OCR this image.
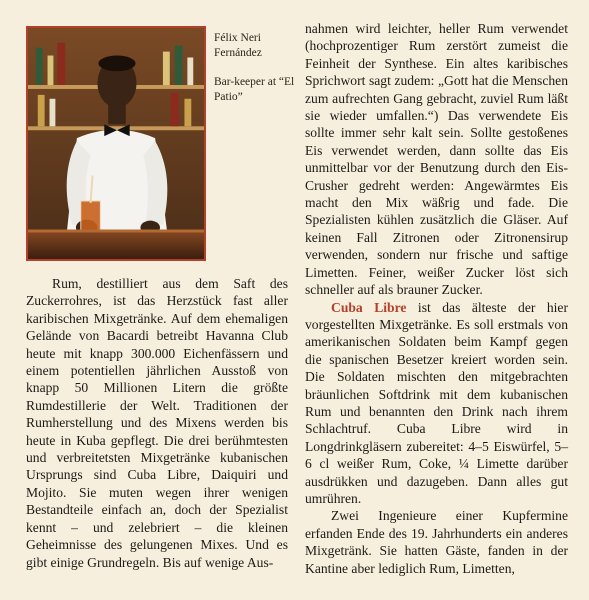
Félix Neri Fernández

Bar-keeper at “El Patio”

Rum, destilliert aus dem Saft des Zuckerrohres, ist das Herzstück fast aller karibischen Mixgetränke. Auf dem ehemaligen Gelände von Bacardi betreibt Havanna Club heute mit knapp 300.000 Eichenfässern und einem potentiellen jährlichen Ausstoß von knapp 50 Millionen Litern die größte Rumdestillerie der Welt. Traditionen der Rumherstellung und des Mixens werden bis heute in Kuba gepflegt. Die drei berühmtesten und verbreitetsten Mixgetränke kubanischen Ursprungs sind Cuba Libre, Daiquiri und Mojito. Sie muten wegen ihrer wenigen Bestandteile einfach an, doch der Spezialist kennt – und zelebriert – die kleinen Geheimnisse des gelungenen Mixes. Und es gibt einige Grundregeln. Bis auf wenige Aus-

nahmen wird leichter, heller Rum verwendet (hochprozentiger Rum zerstört zumeist die Feinheit der Synthese. Ein altes karibisches Sprichwort sagt zudem: „Gott hat die Menschen zum aufrechten Gang gebracht, zuviel Rum läßt sie wieder umfallen.“) Das verwendete Eis sollte immer sehr kalt sein. Sollte gestoßenes Eis verwendet werden, dann sollte das Eis unmittelbar vor der Benutzung durch den Eis-Crusher gedreht werden: Angewärmtes Eis macht den Mix wäßrig und fade. Die Spezialisten kühlen zusätzlich die Gläser. Auf keinen Fall Zitronen oder Zitronensirup verwenden, sondern nur frische und saftige Limetten. Feiner, weißer Zucker löst sich schneller auf als brauner Zucker.

Cuba Libre ist das älteste der hier vorgestellten Mixgetränke. Es soll erstmals von amerikanischen Soldaten beim Kampf gegen die spanischen Besetzer kreiert worden sein. Die Soldaten mischten den mitgebrachten bräunlichen Softdrink mit dem kubanischen Rum und benannten den Drink nach ihrem Schlachtruf. Cuba Libre wird in Longdrinkgläsern zubereitet: 4–5 Eiswürfel, 5–6 cl weißer Rum, Coke, ¼ Limette darüber ausdrükken und dazugeben. Dann alles gut umrühren.

Zwei Ingenieure einer Kupfermine erfanden Ende des 19. Jahrhunderts ein anderes Mixgetränk. Sie hatten Gäste, fanden in der Kantine aber lediglich Rum, Limetten,
